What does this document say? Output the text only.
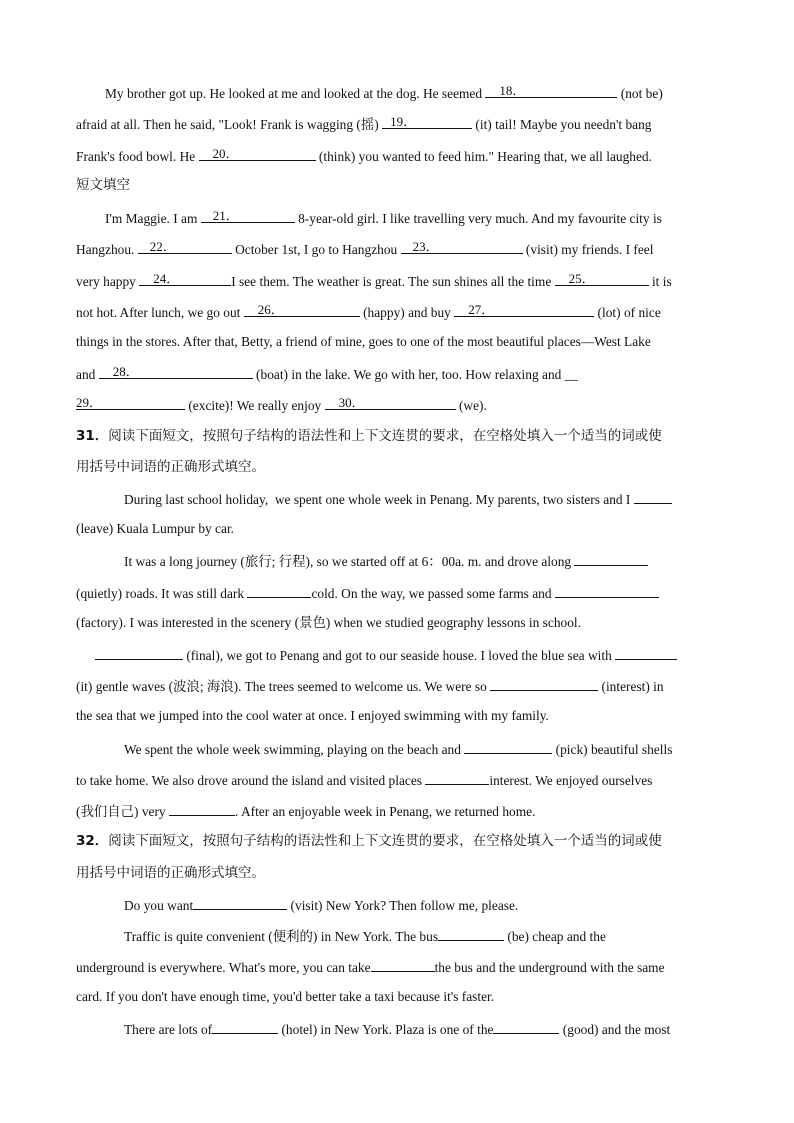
My brother got up. He looked at me and looked at the dog. He seemed 18．	(not be)
afraid at all. Then he said, "Look! Frank is wagging (摇) 19．	(it) tail! Maybe you needn't bang
Frank's food bowl. He 20．	(think) you wanted to feed him." Hearing that, we all laughed.
短文填空
I'm Maggie. I am 21．	8-year-old girl. I like travelling very much. And my favourite city is
Hangzhou. 22．	October 1st, I go to Hangzhou 23．	(visit) my friends. I feel
very happy 24．	I see them. The weather is great. The sun shines all the time 25．	it is
not hot. After lunch, we go out 26．	(happy) and buy 27．	(lot) of nice
things in the stores. After that, Betty, a friend of mine, goes to one of the most beautiful places—West Lake
and 28．	(boat) in the lake. We go with her, too. How relaxing and __
29．	(excite)! We really enjoy 30．	(we).
31．阅读下面短文，按照句子结构的语法性和上下文连贯的要求，在空格处填入一个适当的词或使
用括号中词语的正确形式填空。
During last school holiday,  we spent one whole week in Penang. My parents, two sisters and I
(leave) Kuala Lumpur by car.
It was a long journey (旅行; 行程), so we started off at 6：00a. m. and drove along
(quietly) roads. It was still dark	cold. On the way, we passed some farms and
(factory). I was interested in the scenery (景色) when we studied geography lessons in school.
(final), we got to Penang and got to our seaside house. I loved the blue sea with
(it) gentle waves (波浪; 海浪). The trees seemed to welcome us. We were so	(interest) in
the sea that we jumped into the cool water at once. I enjoyed swimming with my family.
We spent the whole week swimming, playing on the beach and	(pick) beautiful shells
to take home. We also drove around the island and visited places	interest. We enjoyed ourselves
(我们自己) very	. After an enjoyable week in Penang, we returned home.
32．阅读下面短文，按照句子结构的语法性和上下文连贯的要求，在空格处填入一个适当的词或使
用括号中词语的正确形式填空。
Do you want	(visit) New York? Then follow me, please.
Traffic is quite convenient (便利的) in New York. The bus	(be) cheap and the
underground is everywhere. What's more, you can take	the bus and the underground with the same
card. If you don't have enough time, you'd better take a taxi because it's faster.
There are lots of	(hotel) in New York. Plaza is one of the	(good) and the most
